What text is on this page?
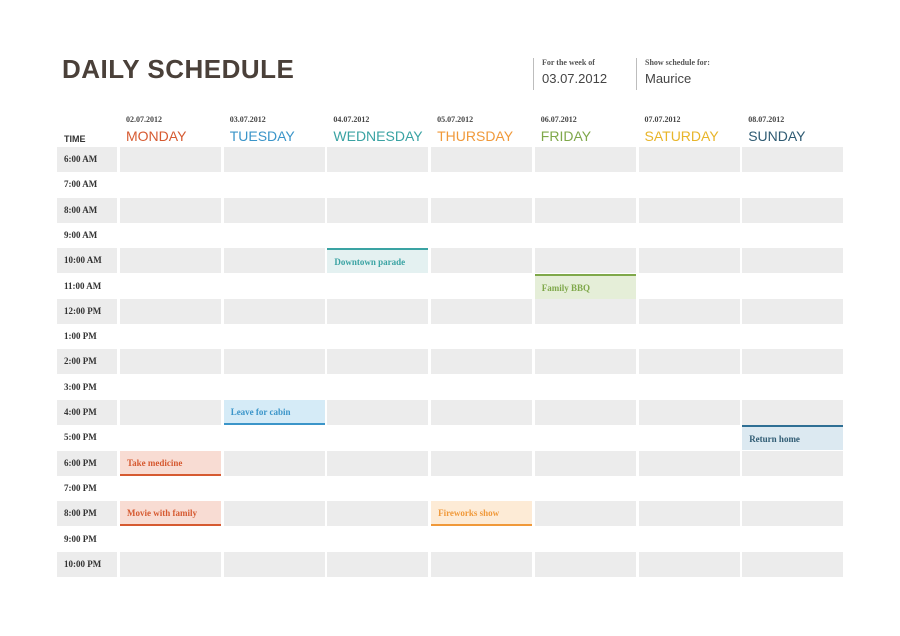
DAILY SCHEDULE	For the week of
03.07.2012
Show schedule for:
Maurice
TIME
02.07.2012
MONDAY
03.07.2012
TUESDAY
04.07.2012
WEDNESDAY
05.07.2012
THURSDAY
06.07.2012
FRIDAY
07.07.2012
SATURDAY
08.07.2012
SUNDAY
6:00 AM
7:00 AM
8:00 AM
9:00 AM
10:00 AM
11:00 AM
12:00 PM
1:00 PM
2:00 PM
3:00 PM
4:00 PM
5:00 PM
6:00 PM
7:00 PM
8:00 PM
9:00 PM
10:00 PM
Downtown parade
Family BBQ
Leave for cabin
Return home
Take medicine
Movie with family	Fireworks show
